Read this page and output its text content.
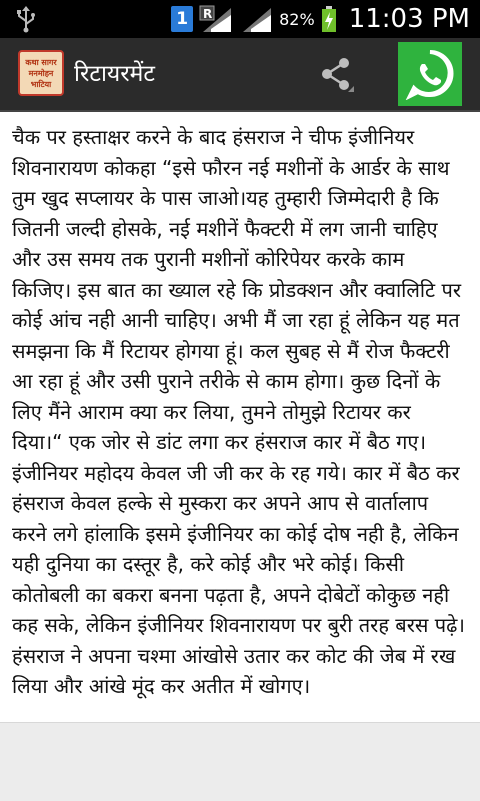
1	R	82% 11:03 PM
कथा सागर
मनमोहन
भाटिया रिटायरमेंट

चैक पर हस्ताक्षर करने के बाद हंसराज ने चीफ इंजीनियर शिवनारायण कोकहा “इसे फौरन नई मशीनों के आर्डर के साथ तुम खुद सप्लायर के पास जाओ।यह तुम्हारी जिम्मेदारी है कि जितनी जल्दी होसके, नई मशीनें फैक्टरी में लग जानी चाहिए और उस समय तक पुरानी मशीनों कोरिपेयर करके काम किजिए। इस बात का ख्याल रहे कि प्रोडक्शन और क्वालिटि पर कोई आंच नही आनी चाहिए। अभी मैं जा रहा हूं लेकिन यह मत समझना कि मैं रिटायर होगया हूं। कल सुबह से मैं रोज फैक्टरी आ रहा हूं और उसी पुराने तरीके से काम होगा। कुछ दिनों के लिए मैंने आराम क्या कर लिया, तुमने तोमुझे रिटायर कर दिया।“ एक जोर से डांट लगा कर हंसराज कार में बैठ गए। इंजीनियर महोदय केवल जी जी कर के रह गये। कार में बैठ कर हंसराज केवल हल्के से मुस्करा कर अपने आप से वार्तालाप करने लगे हांलाकि इसमे इंजीनियर का कोई दोष नही है, लेकिन यही दुनिया का दस्तूर है, करे कोई और भरे कोई। किसी कोतोबली का बकरा बनना पढ़ता है, अपने दोबेटों कोकुछ नही कह सके, लेकिन इंजीनियर शिवनारायण पर बुरी तरह बरस पढ़े। हंसराज ने अपना चश्मा आंखोसे उतार कर कोट की जेब में रख लिया और आंखे मूंद कर अतीत में खोगए।
